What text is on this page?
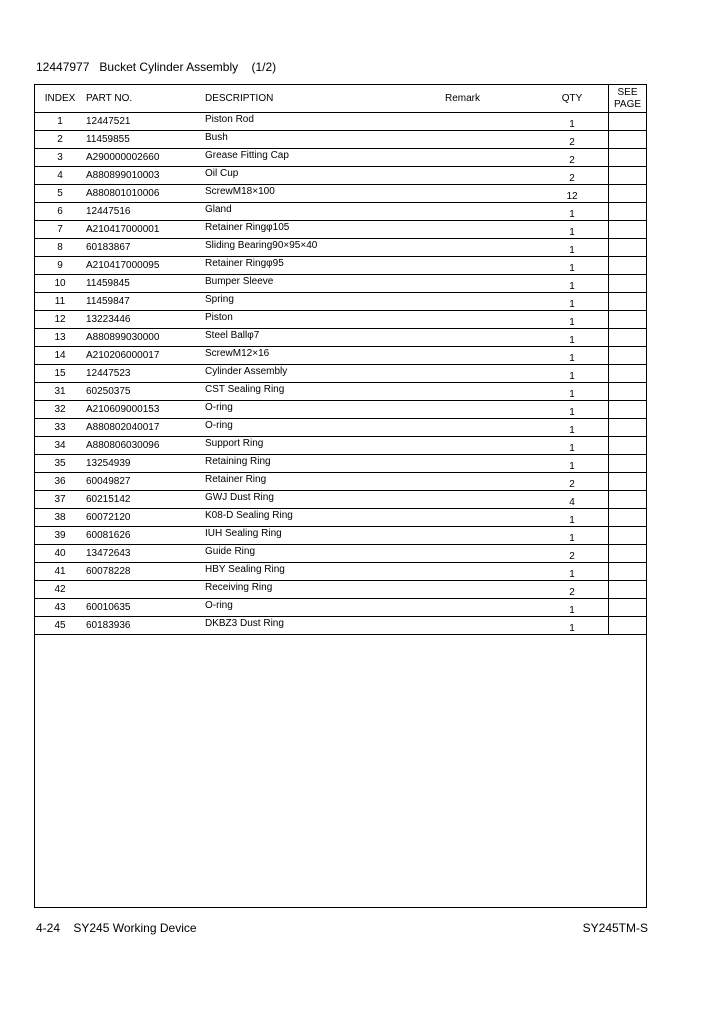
12447977 Bucket Cylinder Assembly (1/2)
INDEX	PART NO.	DESCRIPTION	Remark	QTY	SEE
PAGE
1	12447521	Piston Rod		1	
2	11459855	Bush		2	
3	A290000002660	Grease Fitting Cap		2	
4	A880899010003	Oil Cup		2	
5	A880801010006	ScrewM18×100		12	
6	12447516	Gland		1	
7	A210417000001	Retainer Ringφ105		1	
8	60183867	Sliding Bearing90×95×40		1	
9	A210417000095	Retainer Ringφ95		1	
10	11459845	Bumper Sleeve		1	
11	11459847	Spring		1	
12	13223446	Piston		1	
13	A880899030000	Steel Ballφ7		1	
14	A210206000017	ScrewM12×16		1	
15	12447523	Cylinder Assembly		1	
31	60250375	CST Sealing Ring		1	
32	A210609000153	O-ring		1	
33	A880802040017	O-ring		1	
34	A880806030096	Support Ring		1	
35	13254939	Retaining Ring		1	
36	60049827	Retainer Ring		2	
37	60215142	GWJ Dust Ring		4	
38	60072120	K08-D Sealing Ring		1	
39	60081626	IUH Sealing Ring		1	
40	13472643	Guide Ring		2	
41	60078228	HBY Sealing Ring		1	
42		Receiving Ring		2	
43	60010635	O-ring		1	
45	60183936	DKBZ3 Dust Ring		1	
4-24 SY245 Working Device	SY245TM-S
